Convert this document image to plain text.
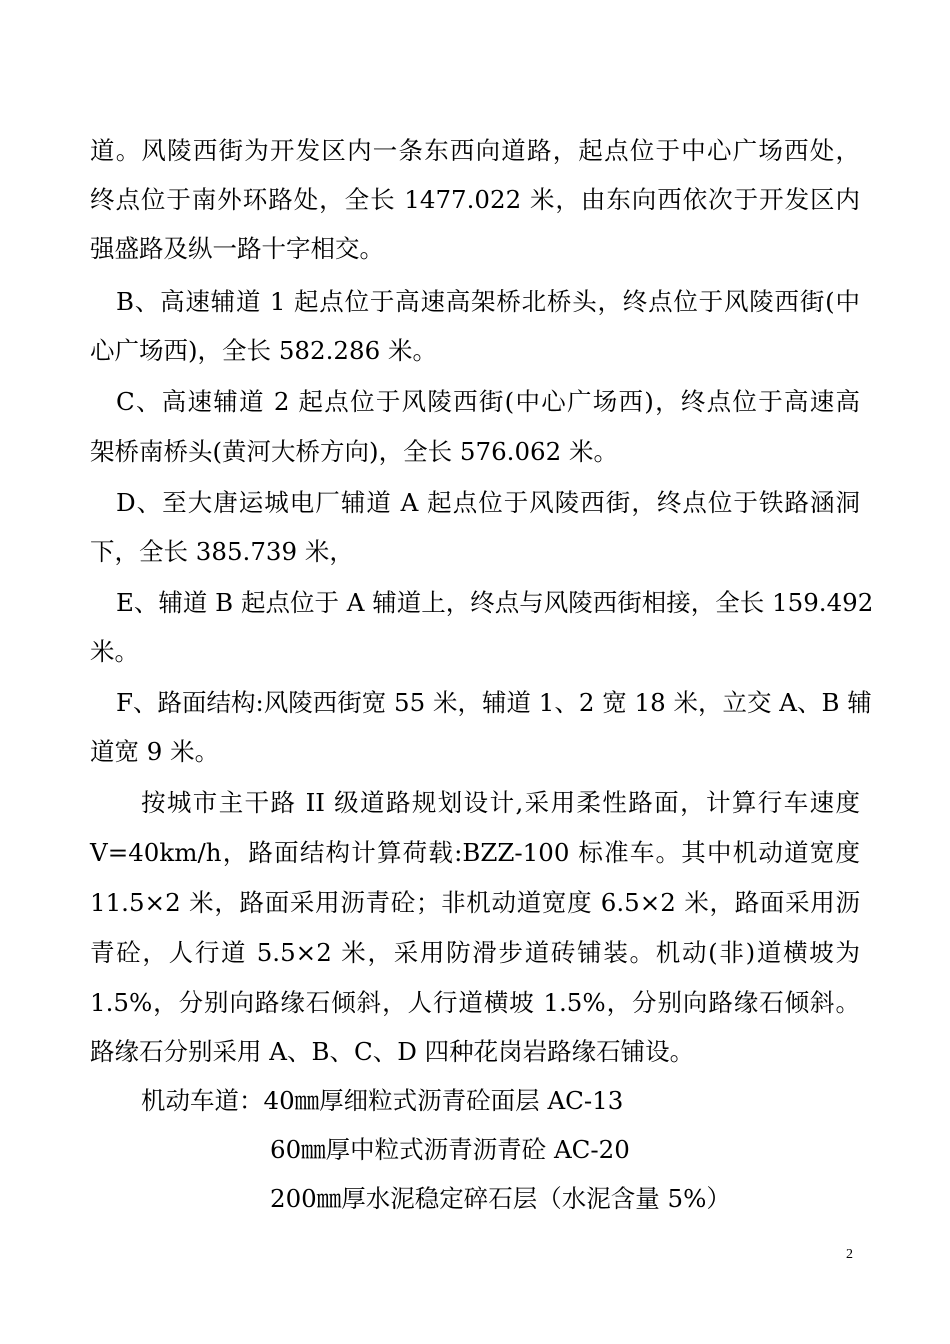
道。风陵西街为开发区内一条东西向道路，起点位于中心广场西处，
终点位于南外环路处，全长 1477.022 米，由东向西依次于开发区内
强盛路及纵一路十字相交。
B、高速辅道 1 起点位于高速高架桥北桥头，终点位于风陵西街(中
心广场西)，全长 582.286 米。
C、高速辅道 2 起点位于风陵西街(中心广场西)，终点位于高速高
架桥南桥头(黄河大桥方向)，全长 576.062 米。
D、至大唐运城电厂辅道 A 起点位于风陵西街，终点位于铁路涵洞
下，全长 385.739 米，
E、辅道 B 起点位于 A 辅道上，终点与风陵西街相接，全长 159.492
米。
F、路面结构:风陵西街宽 55 米，辅道 1、2 宽 18 米，立交 A、B 辅
道宽 9 米。
按城市主干路 II 级道路规划设计,采用柔性路面，计算行车速度
V=40km/h，路面结构计算荷载:BZZ-100 标准车。其中机动道宽度
11.5×2 米，路面采用沥青砼；非机动道宽度 6.5×2 米，路面采用沥
青砼，人行道 5.5×2 米，采用防滑步道砖铺装。机动(非)道横坡为
1.5%，分别向路缘石倾斜，人行道横坡 1.5%，分别向路缘石倾斜。
路缘石分别采用 A、B、C、D 四种花岗岩路缘石铺设。
机动车道：40㎜厚细粒式沥青砼面层 AC-13
60㎜厚中粒式沥青沥青砼 AC-20
200㎜厚水泥稳定碎石层（水泥含量 5%）
2
